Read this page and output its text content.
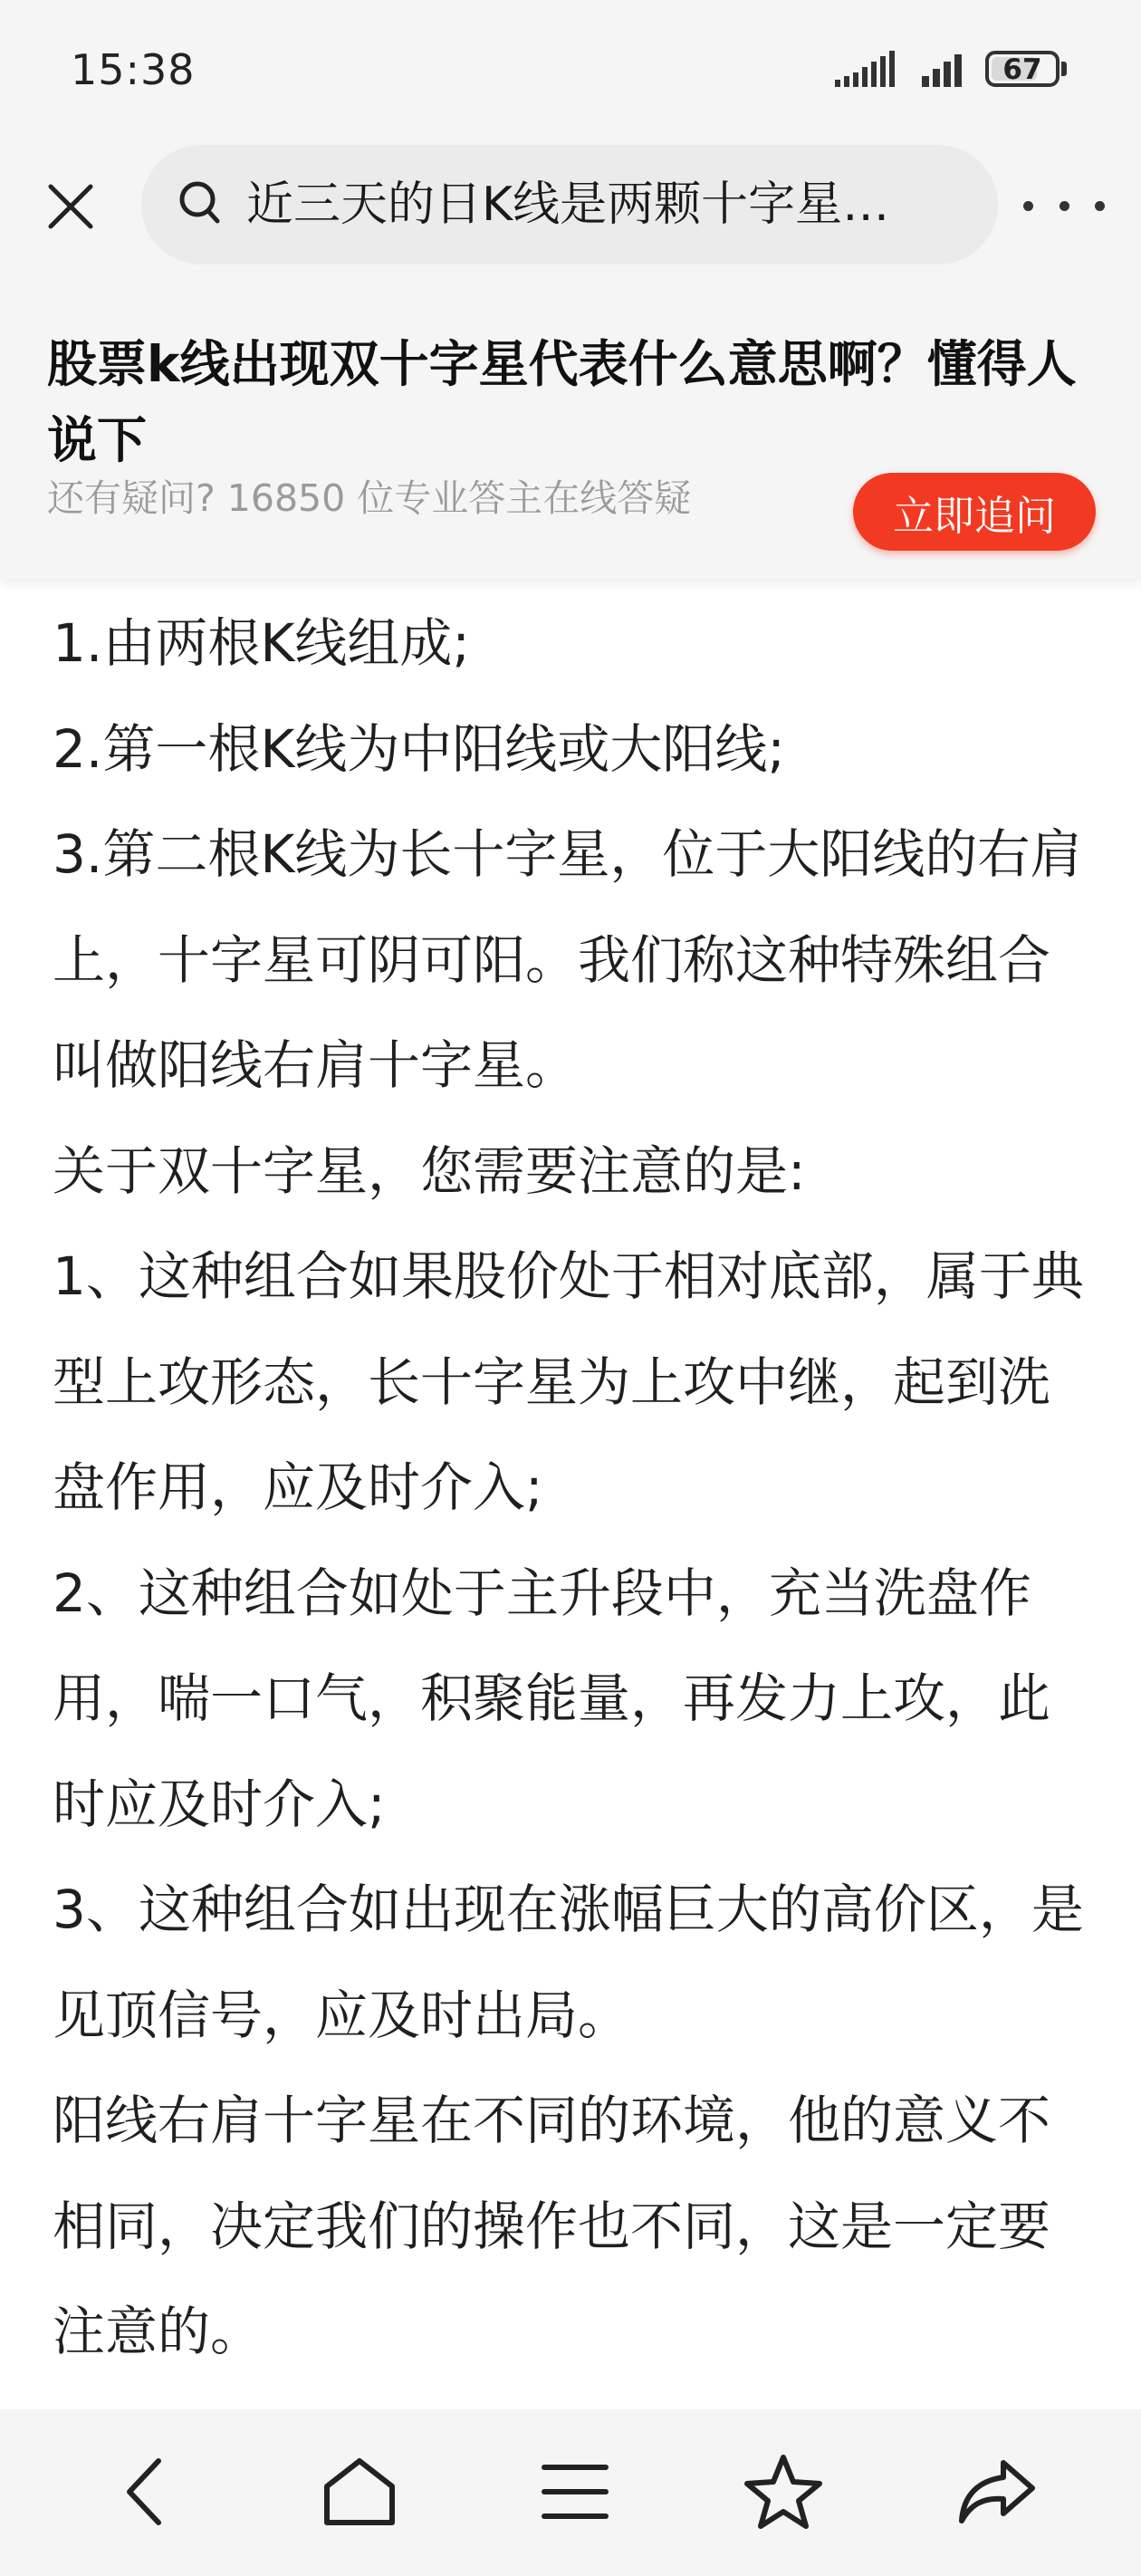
15:38	67
近三天的日K线是两颗十字星…
股票k线出现双十字星代表什么意思啊？懂得人说下
还有疑问? 16850 位专业答主在线答疑	立即追问

1.由两根K线组成;

2.第一根K线为中阳线或大阳线;

3.第二根K线为长十字星，位于大阳线的右肩上，十字星可阴可阳。我们称这种特殊组合叫做阳线右肩十字星。

关于双十字星，您需要注意的是:

1、这种组合如果股价处于相对底部，属于典型上攻形态，长十字星为上攻中继，起到洗盘作用，应及时介入;

2、这种组合如处于主升段中，充当洗盘作用，喘一口气，积聚能量，再发力上攻，此时应及时介入;

3、这种组合如出现在涨幅巨大的高价区，是见顶信号，应及时出局。

阳线右肩十字星在不同的环境，他的意义不相同，决定我们的操作也不同，这是一定要注意的。
